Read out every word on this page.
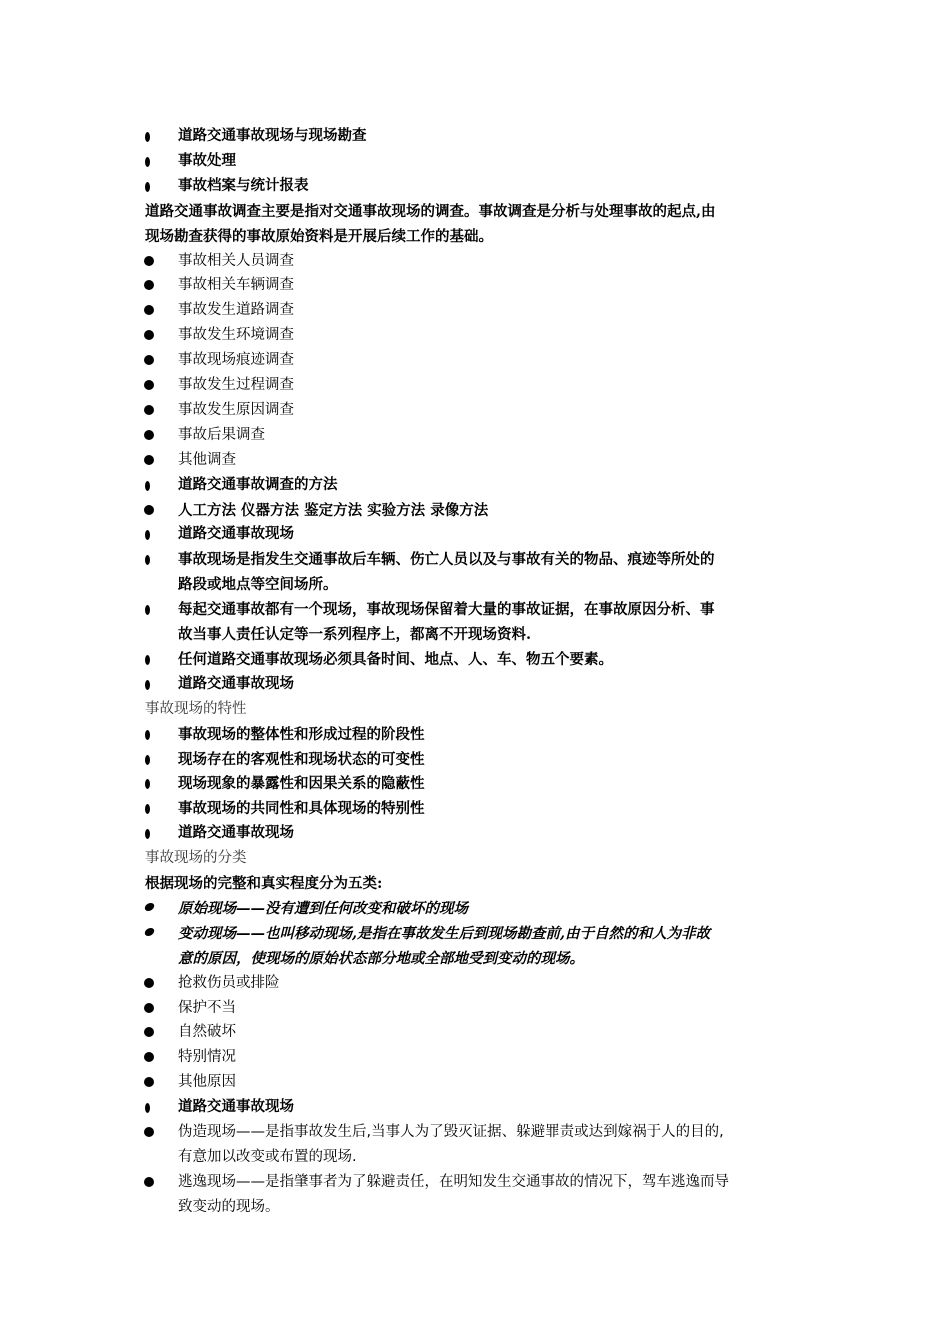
道路交通事故现场与现场勘查
事故处理
事故档案与统计报表
道路交通事故调查主要是指对交通事故现场的调查。事故调查是分析与处理事故的起点,由
现场勘查获得的事故原始资料是开展后续工作的基础。
事故相关人员调查
事故相关车辆调查
事故发生道路调查
事故发生环境调查
事故现场痕迹调查
事故发生过程调查
事故发生原因调查
事故后果调查
其他调查
道路交通事故调查的方法
人工方法 仪器方法 鉴定方法 实验方法 录像方法
道路交通事故现场
事故现场是指发生交通事故后车辆、伤亡人员以及与事故有关的物品、痕迹等所处的
路段或地点等空间场所。
每起交通事故都有一个现场，事故现场保留着大量的事故证据，在事故原因分析、事
故当事人责任认定等一系列程序上，都离不开现场资料.
任何道路交通事故现场必须具备时间、地点、人、车、物五个要素。
道路交通事故现场
事故现场的特性
事故现场的整体性和形成过程的阶段性
现场存在的客观性和现场状态的可变性
现场现象的暴露性和因果关系的隐蔽性
事故现场的共同性和具体现场的特别性
道路交通事故现场
事故现场的分类
根据现场的完整和真实程度分为五类:
原始现场——没有遭到任何改变和破坏的现场
变动现场——也叫移动现场,是指在事故发生后到现场勘查前,由于自然的和人为非故
意的原因，使现场的原始状态部分地或全部地受到变动的现场。
抢救伤员或排险
保护不当
自然破坏
特别情况
其他原因
道路交通事故现场
伪造现场——是指事故发生后,当事人为了毁灭证据、躲避罪责或达到嫁祸于人的目的,
有意加以改变或布置的现场.
逃逸现场——是指肇事者为了躲避责任，在明知发生交通事故的情况下，驾车逃逸而导
致变动的现场。
